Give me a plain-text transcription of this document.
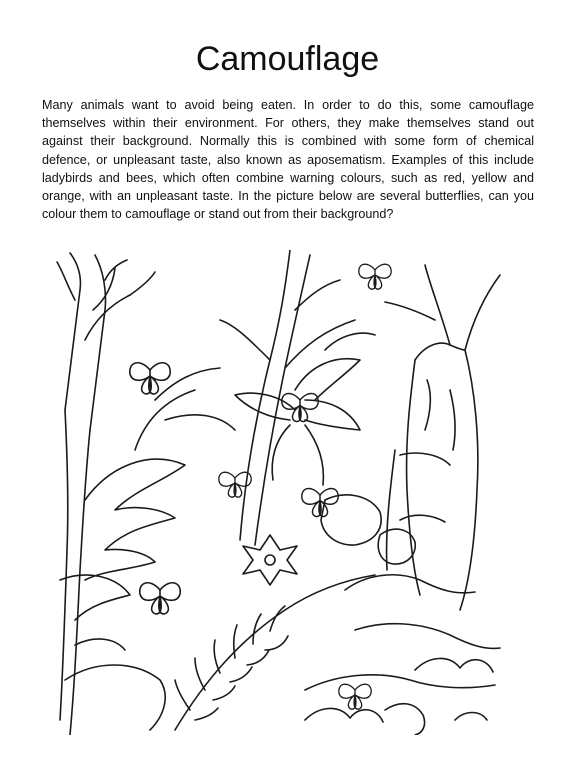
Camouflage

Many animals want to avoid being eaten. In order to do this, some camouflage themselves within their environment. For others, they make themselves stand out against their background. Normally this is combined with some form of chemical defence, or unpleasant taste, also known as aposematism. Examples of this include ladybirds and bees, which often combine warning colours, such as red, yellow and orange, with an unpleasant taste. In the picture below are several butterflies, can you colour them to camouflage or stand out from their background?
